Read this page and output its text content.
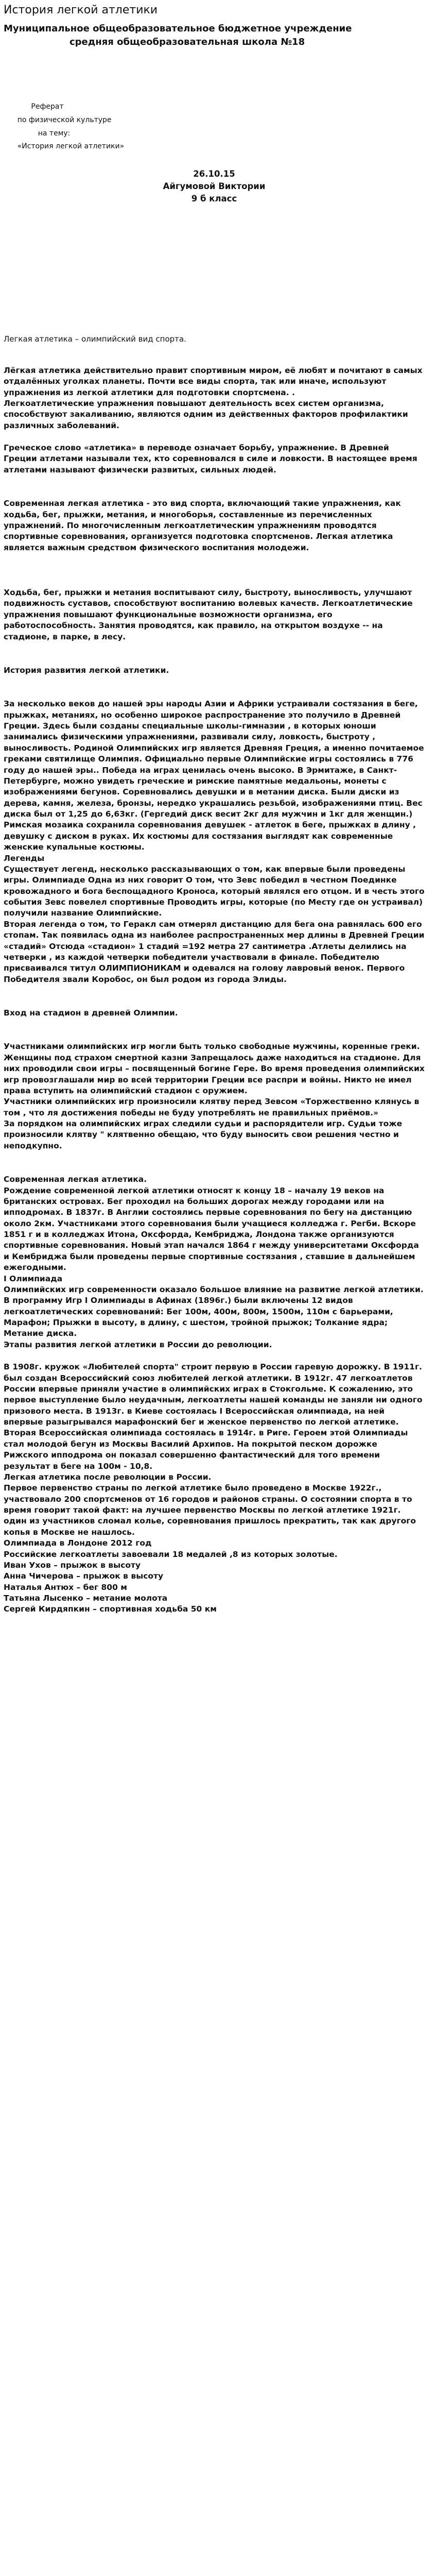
История легкой атлетики
Муниципальное общеобразовательное бюджетное учреждение
средняя общеобразовательная школа №18
Реферат
по физической культуре
на тему:
«История легкой атлетики»
26.10.15
Айгумовой Виктории
9 б класс

Легкая атлетика – олимпийский вид спорта.

Лёгкая атлетика действительно правит спортивным миром, её любят и почитают в самых отдалённых уголках планеты. Почти все виды спорта, так или иначе, используют упражнения из легкой атлетики для подготовки спортсмена. .

Легкоатлетические упражнения повышают деятельность всех систем организма, способствуют закаливанию, являются одним из действенных факторов профилактики различных заболеваний.

Греческое слово «атлетика» в переводе означает борьбу, упражнение. В Древней Греции атлетами называли тех, кто соревновался в силе и ловкости. В настоящее время атлетами называют физически развитых, сильных людей.

Современная легкая атлетика - это вид спорта, включающий такие упражнения, как ходьба, бег, прыжки, метания, и многоборья, составленные из перечисленных упражнений. По многочисленным легкоатлетическим упражнениям проводятся спортивные соревнования, организуется подготовка спортсменов. Легкая атлетика является важным средством физического воспитания молодежи.

Ходьба, бег, прыжки и метания воспитывают силу, быстроту, выносливость, улучшают подвижность суставов, способствуют воспитанию волевых качеств. Легкоатлетические упражнения повышают функциональные возможности организма, его работоспособность. Занятия проводятся, как правило, на открытом воздухе -- на стадионе, в парке, в лесу.

История развития легкой атлетики.

За несколько веков до нашей эры народы Азии и Африки устраивали состязания в беге, прыжках, метаниях, но особенно широкое распространение это получило в Древней Греции. Здесь были созданы специальные школы-гимназии , в которых юноши занимались физическими упражнениями, развивали силу, ловкость, быстроту , выносливость. Родиной Олимпийских игр является Древняя Греция, а именно почитаемое греками святилище Олимпия. Официально первые Олимпийские игры состоялись в 776 году до нашей эры.. Победа на играх ценилась очень высоко. В Эрмитаже, в Санкт-Петербурге, можно увидеть греческие и римские памятные медальоны, монеты с изображениями бегунов. Соревновались девушки и в метании диска. Были диски из дерева, камня, железа, бронзы, нередко украшались резьбой, изображениями птиц. Вес диска был от 1,25 до 6,63кг. (Гергедий диск весит 2кг для мужчин и 1кг для женщин.) Римская мозаика сохранила соревнования девушек - атлеток в беге, прыжках в длину , девушку с диском в руках. Их костюмы для состязания выглядят как современные женские купальные костюмы.

Легенды

Существует легенд, несколько рассказывающих о том, как впервые были проведены игры. Олимпиаде Одна из них говорит О том, что Зевс победил в честном Поединке кровожадного и бога беспощадного Кроноса, который являлся его отцом. И в честь этого события Зевс повелел спортивные Проводить игры, которые (по Месту где он устраивал) получили название Олимпийские.

Вторая легенда о том, то Геракл сам отмерял дистанцию для бега она равнялась 600 его стопам. Так появилась одна из наиболее распространенных мер длины в Древней Греции «стадий» Отсюда «стадион» 1 стадий =192 метра 27 сантиметра .Атлеты делились на четверки , из каждой четверки победители участвовали в финале. Победителю присваивался титул ОЛИМПИОНИКАМ и одевался на голову лавровый венок. Первого Победителя звали Коробос, он был родом из города Элиды.

Вход на стадион в древней Олимпии.

Участниками олимпийских игр могли быть только свободные мужчины, коренные греки. Женщины под страхом смертной казни Запрещалось даже находиться на стадионе. Для них проводили свои игры – посвященный богине Гере. Во время проведения олимпийских игр провозглашали мир во всей территории Греции все распри и войны. Никто не имел права вступить на олимпийский стадион с оружием.

Участники олимпийских игр произносили клятву перед Зевсом «Торжественно клянусь в том , что ля достижения победы не буду употреблять не правильных приёмов.»

За порядком на олимпийских играх следили судьи и распорядители игр. Судьи тоже произносили клятву " клятвенно обещаю, что буду выносить свои решения честно и неподкупно.

Современная легкая атлетика.

Рождение современной легкой атлетики относят к концу 18 – началу 19 веков на британских островах. Бег проходил на больших дорогах между городами или на ипподромах. В 1837г. В Англии состоялись первые соревнования по бегу на дистанцию около 2км. Участниками этого соревнования были учащиеся колледжа г. Регби. Вскоре 1851 г и в колледжах Итона, Оксфорда, Кембриджа, Лондона также организуются спортивные соревнования. Новый этап начался 1864 г между университетами Оксфорда и Кембриджа были проведены первые спортивные состязания , ставшие в дальнейшем ежегодными.

I Олимпиада

Олимпийских игр современности оказало большое влияние на развитие легкой атлетики. В программу Игр I Олимпиады в Афинах (1896г.) были включены 12 видов легкоатлетических соревнований: Бег 100м, 400м, 800м, 1500м, 110м с барьерами, Марафон; Прыжки в высоту, в длину, с шестом, тройной прыжок; Толкание ядра; Метание диска.

Этапы развития легкой атлетики в России до революции.

В 1908г. кружок «Любителей спорта" строит первую в России гаревую дорожку. В 1911г. был создан Всероссийский союз любителей легкой атлетики. В 1912г. 47 легкоатлетов России впервые приняли участие в олимпийских играх в Стокгольме. К сожалению, это первое выступление было неудачным, легкоатлеты нашей команды не заняли ни одного призового места. В 1913г. в Киеве состоялась I Всероссийская олимпиада, на ней впервые разыгрывался марафонский бег и женское первенство по легкой атлетике. Вторая Всероссийская олимпиада состоялась в 1914г. в Риге. Героем этой Олимпиады стал молодой бегун из Москвы Василий Архипов. На покрытой песком дорожке Рижского ипподрома он показал совершенно фантастический для того времени результат в беге на 100м - 10,8.

Легкая атлетика после революции в России.

Первое первенство страны по легкой атлетике было проведено в Москве 1922г., участвовало 200 спортсменов от 16 городов и районов страны. О состоянии спорта в то время говорит такой факт: на лучшее первенство Москвы по легкой атлетике 1921г. один из участников сломал колье, соревнования пришлось прекратить, так как другого копья в Москве не нашлось.

Олимпиада в Лондоне 2012 год

Российские легкоатлеты завоевали 18 медалей ,8 из которых золотые.

Иван Ухов – прыжок в высоту

Анна Чичерова – прыжок в высоту

Наталья Антюх – бег 800 м

Татьяна Лысенко – метание молота

Сергей Кирдяпкин – спортивная ходьба 50 км
